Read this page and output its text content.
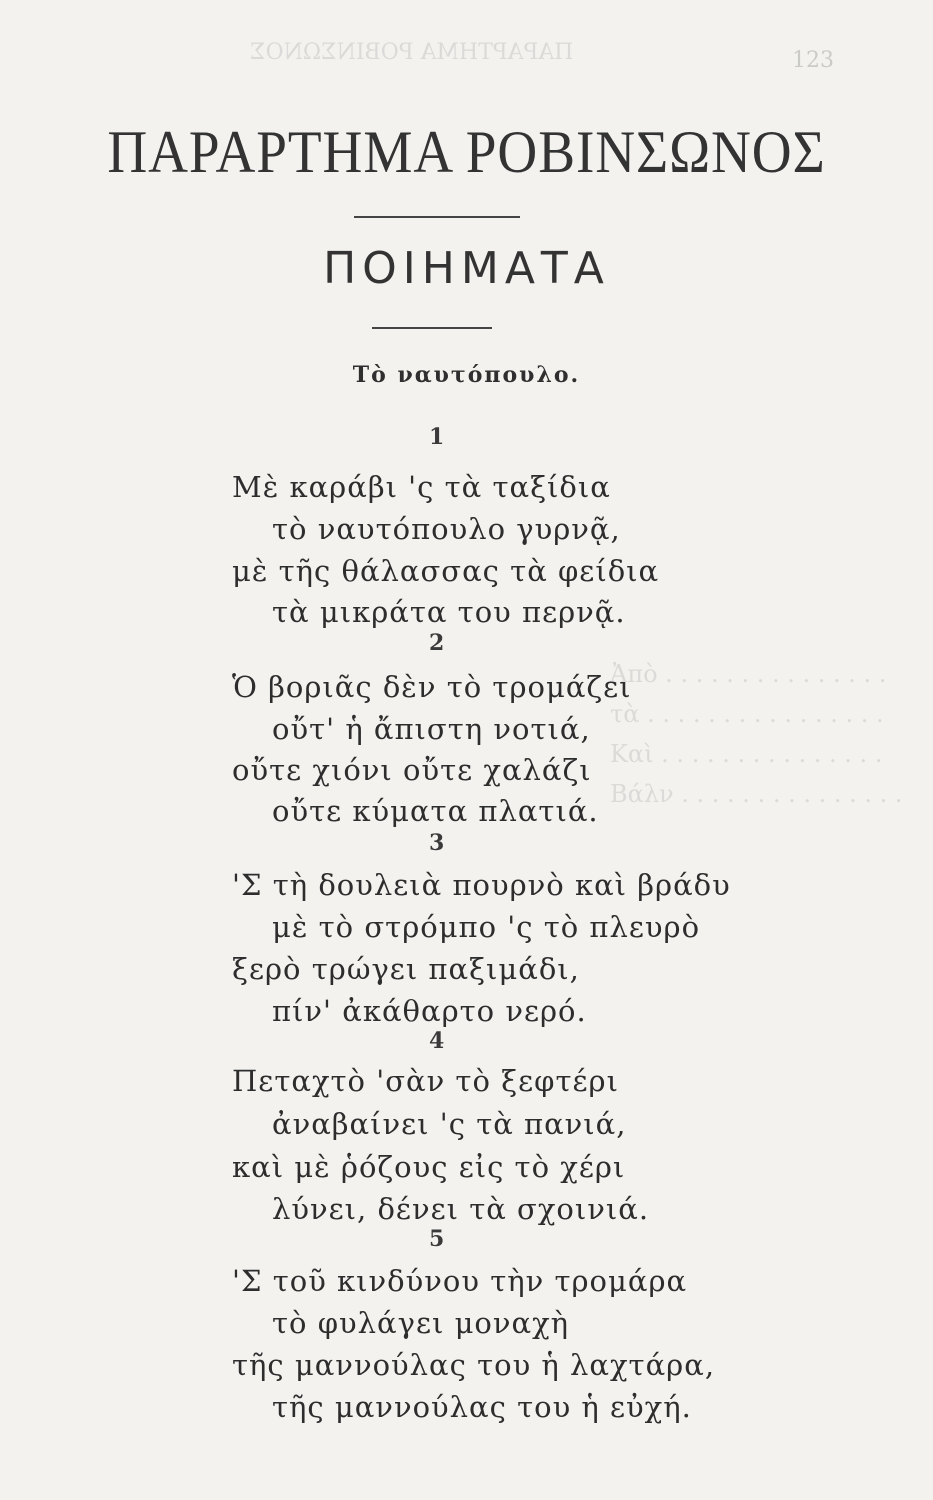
ΠΑΡΑΡΤΗΜΑ ΡΟΒΙΝΣΩΝΟΣ
Ἀπὸ . . . . . . . . . . . . . . .
τὰ . . . . . . . . . . . . . . . .
Καὶ . . . . . . . . . . . . . . .
Βάλν . . . . . . . . . . . . . . .
123
ΠΑΡΑΡΤΗΜΑ ΡΟΒΙΝΣΩΝΟΣ
ΠΟΙΗΜΑΤΑ
Τὸ ναυτόπουλο.
1
Μὲ καράβι 'ς τὰ ταξίδια
τὸ ναυτόπουλο γυρνᾷ,
μὲ τῆς θάλασσας τὰ φείδια
τὰ μικράτα του περνᾷ.
2
Ὁ βοριᾶς δὲν τὸ τρομάζει
οὔτ' ἡ ἄπιστη νοτιά,
οὔτε χιόνι οὔτε χαλάζι
οὔτε κύματα πλατιά.
3
'Σ τὴ δουλειὰ πουρνὸ καὶ βράδυ
μὲ τὸ στρόμπο 'ς τὸ πλευρὸ
ξερὸ τρώγει παξιμάδι,
πίν' ἀκάθαρτο νερό.
4
Πεταχτὸ 'σὰν τὸ ξεφτέρι
ἀναβαίνει 'ς τὰ πανιά,
καὶ μὲ ῥόζους εἰς τὸ χέρι
λύνει, δένει τὰ σχοινιά.
5
'Σ τοῦ κινδύνου τὴν τρομάρα
τὸ φυλάγει μοναχὴ
τῆς μαννούλας του ἡ λαχτάρα,
τῆς μαννούλας του ἡ εὐχή.
